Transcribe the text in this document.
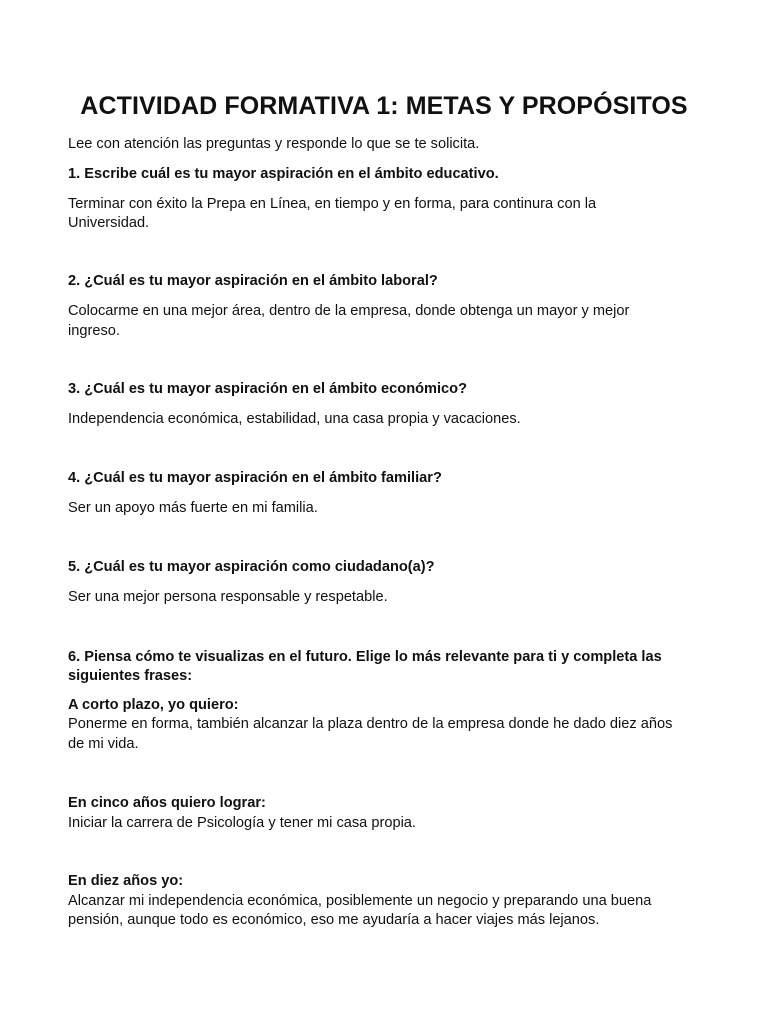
ACTIVIDAD FORMATIVA 1: METAS Y PROPÓSITOS

Lee con atención las preguntas y responde lo que se te solicita.

1. Escribe cuál es tu mayor aspiración en el ámbito educativo.

Terminar con éxito la Prepa en Línea, en tiempo y en forma, para continura con la

Universidad.

2. ¿Cuál es tu mayor aspiración en el ámbito laboral?

Colocarme en una mejor área, dentro de la empresa, donde obtenga un mayor y mejor

ingreso.

3. ¿Cuál es tu mayor aspiración en el ámbito económico?

Independencia económica, estabilidad, una casa propia y vacaciones.

4. ¿Cuál es tu mayor aspiración en el ámbito familiar?

Ser un apoyo más fuerte en mi familia.

5. ¿Cuál es tu mayor aspiración como ciudadano(a)?

Ser una mejor persona responsable y respetable.

6. Piensa cómo te visualizas en el futuro. Elige lo más relevante para ti y completa las

siguientes frases:

A corto plazo, yo quiero:

Ponerme en forma, también alcanzar la plaza dentro de la empresa donde he dado diez años

de mi vida.

En cinco años quiero lograr:

Iniciar la carrera de Psicología y tener mi casa propia.

En diez años yo:

Alcanzar mi independencia económica, posiblemente un negocio y preparando una buena

pensión, aunque todo es económico, eso me ayudaría a hacer viajes más lejanos.
